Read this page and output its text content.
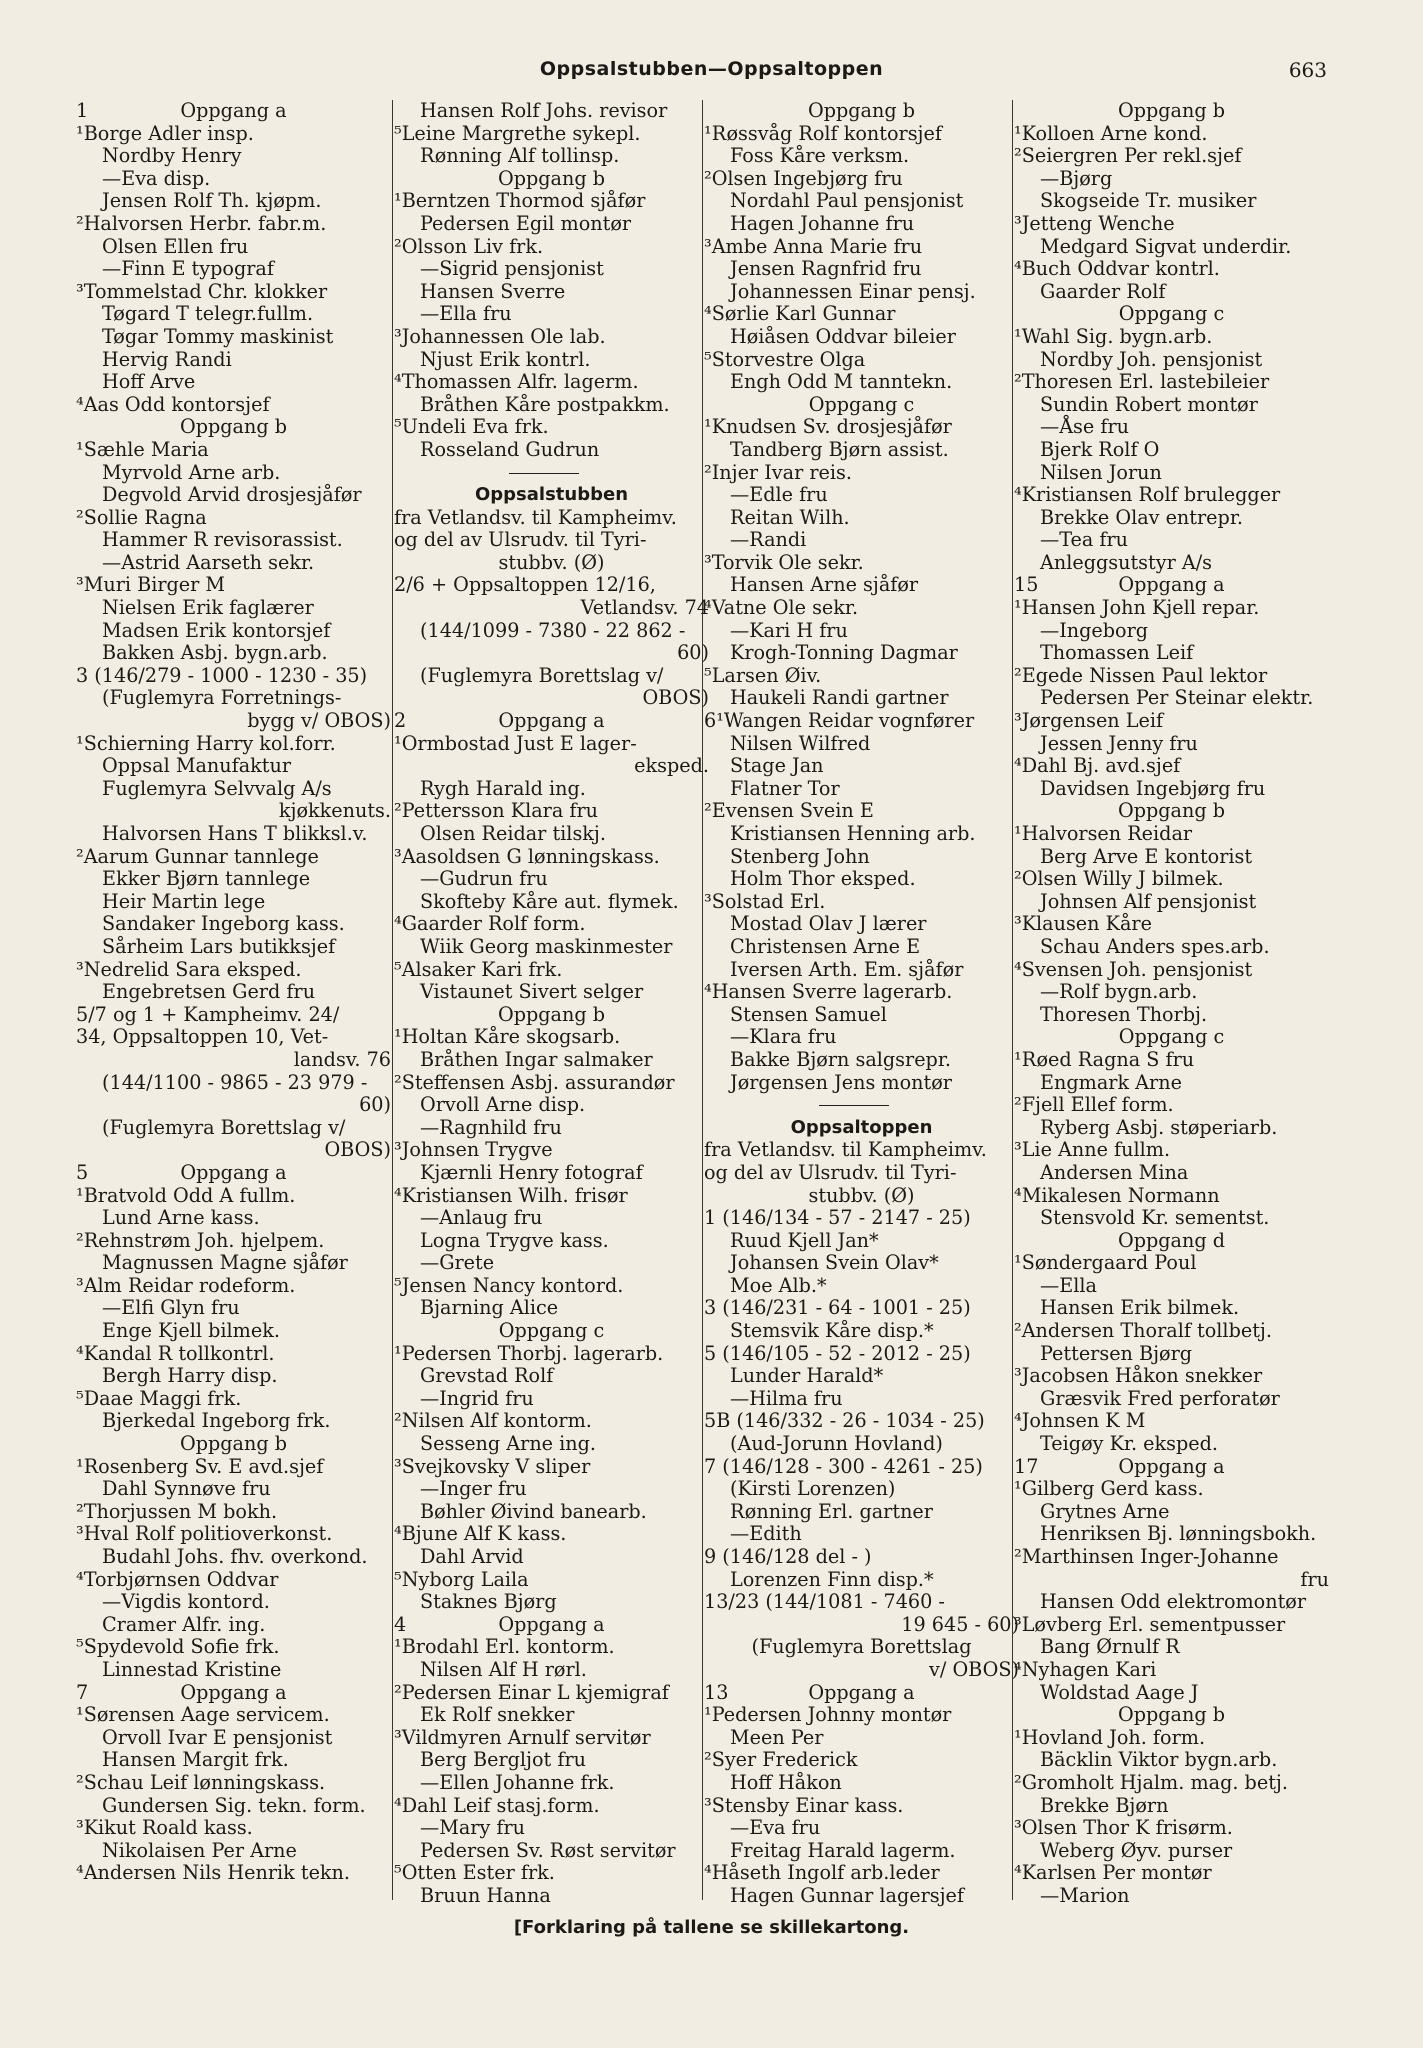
Oppsalstubben—Oppsaltoppen	663
1	Oppgang a
¹Borge Adler insp.
Nordby Henry
—Eva disp.
Jensen Rolf Th. kjøpm.
²Halvorsen Herbr. fabr.m.
Olsen Ellen fru
—Finn E typograf
³Tommelstad Chr. klokker
Tøgard T telegr.fullm.
Tøgar Tommy maskinist
Hervig Randi
Hoff Arve
⁴Aas Odd kontorsjef
Oppgang b
¹Sæhle Maria
Myrvold Arne arb.
Degvold Arvid drosjesjåfør
²Sollie Ragna
Hammer R revisorassist.
—Astrid Aarseth sekr.
³Muri Birger M
Nielsen Erik faglærer
Madsen Erik kontorsjef
Bakken Asbj. bygn.arb.
3 (146/279 - 1000 - 1230 - 35)
(Fuglemyra Forretnings-
bygg v/ OBOS)
¹Schierning Harry kol.forr.
Oppsal Manufaktur
Fuglemyra Selvvalg A/s
kjøkkenuts.
Halvorsen Hans T blikksl.v.
²Aarum Gunnar tannlege
Ekker Bjørn tannlege
Heir Martin lege
Sandaker Ingeborg kass.
Sårheim Lars butikksjef
³Nedrelid Sara eksped.
Engebretsen Gerd fru
5/7 og 1 + Kampheimv. 24/
34, Oppsaltoppen 10, Vet-
landsv. 76
(144/1100 - 9865 - 23 979 -
60)
(Fuglemyra Borettslag v/
OBOS)
5	Oppgang a
¹Bratvold Odd A fullm.
Lund Arne kass.
²Rehnstrøm Joh. hjelpem.
Magnussen Magne sjåfør
³Alm Reidar rodeform.
—Elfi Glyn fru
Enge Kjell bilmek.
⁴Kandal R tollkontrl.
Bergh Harry disp.
⁵Daae Maggi frk.
Bjerkedal Ingeborg frk.
Oppgang b
¹Rosenberg Sv. E avd.sjef
Dahl Synnøve fru
²Thorjussen M bokh.
³Hval Rolf politioverkonst.
Budahl Johs. fhv. overkond.
⁴Torbjørnsen Oddvar
—Vigdis kontord.
Cramer Alfr. ing.
⁵Spydevold Sofie frk.
Linnestad Kristine
7	Oppgang a
¹Sørensen Aage servicem.
Orvoll Ivar E pensjonist
Hansen Margit frk.
²Schau Leif lønningskass.
Gundersen Sig. tekn. form.
³Kikut Roald kass.
Nikolaisen Per Arne
⁴Andersen Nils Henrik tekn.
Hansen Rolf Johs. revisor
⁵Leine Margrethe sykepl.
Rønning Alf tollinsp.
Oppgang b
¹Berntzen Thormod sjåfør
Pedersen Egil montør
²Olsson Liv frk.
—Sigrid pensjonist
Hansen Sverre
—Ella fru
³Johannessen Ole lab.
Njust Erik kontrl.
⁴Thomassen Alfr. lagerm.
Bråthen Kåre postpakkm.
⁵Undeli Eva frk.
Rosseland Gudrun
Oppsalstubben
fra Vetlandsv. til Kampheimv.
og del av Ulsrudv. til Tyri-
stubbv. (Ø)
2/6 + Oppsaltoppen 12/16,
Vetlandsv. 74
(144/1099 - 7380 - 22 862 -
60)
(Fuglemyra Borettslag v/
OBOS)
2	Oppgang a
¹Ormbostad Just E lager-
eksped.
Rygh Harald ing.
²Pettersson Klara fru
Olsen Reidar tilskj.
³Aasoldsen G lønningskass.
—Gudrun fru
Skofteby Kåre aut. flymek.
⁴Gaarder Rolf form.
Wiik Georg maskinmester
⁵Alsaker Kari frk.
Vistaunet Sivert selger
Oppgang b
¹Holtan Kåre skogsarb.
Bråthen Ingar salmaker
²Steffensen Asbj. assurandør
Orvoll Arne disp.
—Ragnhild fru
³Johnsen Trygve
Kjærnli Henry fotograf
⁴Kristiansen Wilh. frisør
—Anlaug fru
Logna Trygve kass.
—Grete
⁵Jensen Nancy kontord.
Bjarning Alice
Oppgang c
¹Pedersen Thorbj. lagerarb.
Grevstad Rolf
—Ingrid fru
²Nilsen Alf kontorm.
Sesseng Arne ing.
³Svejkovsky V sliper
—Inger fru
Bøhler Øivind banearb.
⁴Bjune Alf K kass.
Dahl Arvid
⁵Nyborg Laila
Staknes Bjørg
4	Oppgang a
¹Brodahl Erl. kontorm.
Nilsen Alf H rørl.
²Pedersen Einar L kjemigraf
Ek Rolf snekker
³Vildmyren Arnulf servitør
Berg Bergljot fru
—Ellen Johanne frk.
⁴Dahl Leif stasj.form.
—Mary fru
Pedersen Sv. Røst servitør
⁵Otten Ester frk.
Bruun Hanna
Oppgang b
¹Røssvåg Rolf kontorsjef
Foss Kåre verksm.
²Olsen Ingebjørg fru
Nordahl Paul pensjonist
Hagen Johanne fru
³Ambe Anna Marie fru
Jensen Ragnfrid fru
Johannessen Einar pensj.
⁴Sørlie Karl Gunnar
Høiåsen Oddvar bileier
⁵Storvestre Olga
Engh Odd M tanntekn.
Oppgang c
¹Knudsen Sv. drosjesjåfør
Tandberg Bjørn assist.
²Injer Ivar reis.
—Edle fru
Reitan Wilh.
—Randi
³Torvik Ole sekr.
Hansen Arne sjåfør
⁴Vatne Ole sekr.
—Kari H fru
Krogh-Tonning Dagmar
⁵Larsen Øiv.
Haukeli Randi gartner
6¹Wangen Reidar vognfører
Nilsen Wilfred
Stage Jan
Flatner Tor
²Evensen Svein E
Kristiansen Henning arb.
Stenberg John
Holm Thor eksped.
³Solstad Erl.
Mostad Olav J lærer
Christensen Arne E
Iversen Arth. Em. sjåfør
⁴Hansen Sverre lagerarb.
Stensen Samuel
—Klara fru
Bakke Bjørn salgsrepr.
Jørgensen Jens montør
Oppsaltoppen
fra Vetlandsv. til Kampheimv.
og del av Ulsrudv. til Tyri-
stubbv. (Ø)
1 (146/134 - 57 - 2147 - 25)
Ruud Kjell Jan*
Johansen Svein Olav*
Moe Alb.*
3 (146/231 - 64 - 1001 - 25)
Stemsvik Kåre disp.*
5 (146/105 - 52 - 2012 - 25)
Lunder Harald*
—Hilma fru
5B (146/332 - 26 - 1034 - 25)
(Aud-Jorunn Hovland)
7 (146/128 - 300 - 4261 - 25)
(Kirsti Lorenzen)
Rønning Erl. gartner
—Edith
9 (146/128 del - )
Lorenzen Finn disp.*
13/23 (144/1081 - 7460 -
19 645 - 60)
(Fuglemyra Borettslag
v/ OBOS)
13	Oppgang a
¹Pedersen Johnny montør
Meen Per
²Syer Frederick
Hoff Håkon
³Stensby Einar kass.
—Eva fru
Freitag Harald lagerm.
⁴Håseth Ingolf arb.leder
Hagen Gunnar lagersjef
Oppgang b
¹Kolloen Arne kond.
²Seiergren Per rekl.sjef
—Bjørg
Skogseide Tr. musiker
³Jetteng Wenche
Medgard Sigvat underdir.
⁴Buch Oddvar kontrl.
Gaarder Rolf
Oppgang c
¹Wahl Sig. bygn.arb.
Nordby Joh. pensjonist
²Thoresen Erl. lastebileier
Sundin Robert montør
—Åse fru
Bjerk Rolf O
Nilsen Jorun
⁴Kristiansen Rolf brulegger
Brekke Olav entrepr.
—Tea fru
Anleggsutstyr A/s
15	Oppgang a
¹Hansen John Kjell repar.
—Ingeborg
Thomassen Leif
²Egede Nissen Paul lektor
Pedersen Per Steinar elektr.
³Jørgensen Leif
Jessen Jenny fru
⁴Dahl Bj. avd.sjef
Davidsen Ingebjørg fru
Oppgang b
¹Halvorsen Reidar
Berg Arve E kontorist
²Olsen Willy J bilmek.
Johnsen Alf pensjonist
³Klausen Kåre
Schau Anders spes.arb.
⁴Svensen Joh. pensjonist
—Rolf bygn.arb.
Thoresen Thorbj.
Oppgang c
¹Røed Ragna S fru
Engmark Arne
²Fjell Ellef form.
Ryberg Asbj. støperiarb.
³Lie Anne fullm.
Andersen Mina
⁴Mikalesen Normann
Stensvold Kr. sementst.
Oppgang d
¹Søndergaard Poul
—Ella
Hansen Erik bilmek.
²Andersen Thoralf tollbetj.
Pettersen Bjørg
³Jacobsen Håkon snekker
Græsvik Fred perforatør
⁴Johnsen K M
Teigøy Kr. eksped.
17	Oppgang a
¹Gilberg Gerd kass.
Grytnes Arne
Henriksen Bj. lønningsbokh.
²Marthinsen Inger-Johanne
fru
Hansen Odd elektromontør
³Løvberg Erl. sementpusser
Bang Ørnulf R
⁴Nyhagen Kari
Woldstad Aage J
Oppgang b
¹Hovland Joh. form.
Bäcklin Viktor bygn.arb.
²Gromholt Hjalm. mag. betj.
Brekke Bjørn
³Olsen Thor K frisørm.
Weberg Øyv. purser
⁴Karlsen Per montør
—Marion
[Forklaring på tallene se skillekartong.
